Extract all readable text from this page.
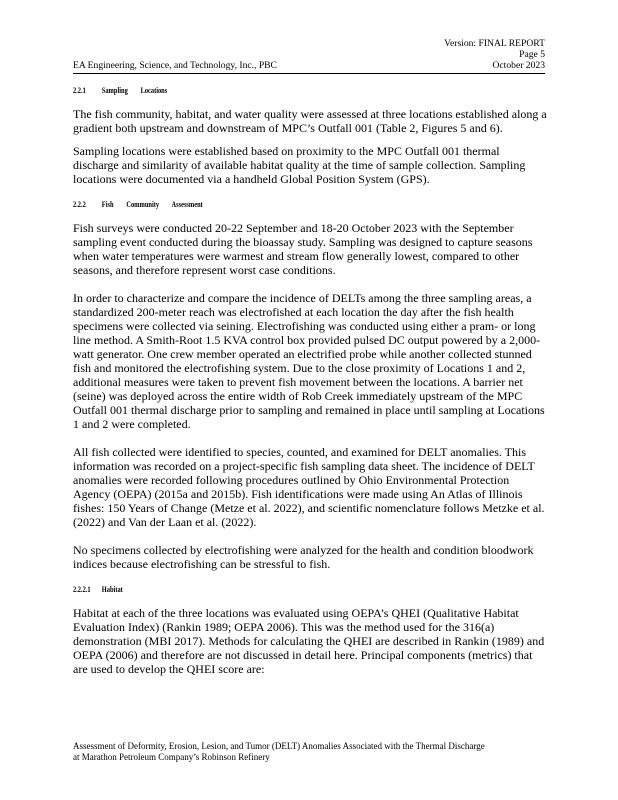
Version: FINAL REPORT
Page 5
October 2023
EA Engineering, Science, and Technology, Inc., PBC
2.2.1 Sampling Locations

The fish community, habitat, and water quality were assessed at three locations established along a gradient both upstream and downstream of MPC’s Outfall 001 (Table 2, Figures 5 and 6).

Sampling locations were established based on proximity to the MPC Outfall 001 thermal discharge and similarity of available habitat quality at the time of sample collection. Sampling locations were documented via a handheld Global Position System (GPS).

2.2.2 Fish Community Assessment

Fish surveys were conducted 20-22 September and 18-20 October 2023 with the September sampling event conducted during the bioassay study. Sampling was designed to capture seasons when water temperatures were warmest and stream flow generally lowest, compared to other seasons, and therefore represent worst case conditions.

In order to characterize and compare the incidence of DELTs among the three sampling areas, a standardized 200-meter reach was electrofished at each location the day after the fish health specimens were collected via seining. Electrofishing was conducted using either a pram- or long line method. A Smith-Root 1.5 KVA control box provided pulsed DC output powered by a 2,000-watt generator. One crew member operated an electrified probe while another collected stunned fish and monitored the electrofishing system. Due to the close proximity of Locations 1 and 2, additional measures were taken to prevent fish movement between the locations. A barrier net (seine) was deployed across the entire width of Rob Creek immediately upstream of the MPC Outfall 001 thermal discharge prior to sampling and remained in place until sampling at Locations 1 and 2 were completed.

All fish collected were identified to species, counted, and examined for DELT anomalies. This information was recorded on a project-specific fish sampling data sheet. The incidence of DELT anomalies were recorded following procedures outlined by Ohio Environmental Protection Agency (OEPA) (2015a and 2015b). Fish identifications were made using An Atlas of Illinois fishes: 150 Years of Change (Metze et al. 2022), and scientific nomenclature follows Metzke et al. (2022) and Van der Laan et al. (2022).

No specimens collected by electrofishing were analyzed for the health and condition bloodwork indices because electrofishing can be stressful to fish.

2.2.2.1 Habitat

Habitat at each of the three locations was evaluated using OEPA’s QHEI (Qualitative Habitat Evaluation Index) (Rankin 1989; OEPA 2006). This was the method used for the 316(a) demonstration (MBI 2017). Methods for calculating the QHEI are described in Rankin (1989) and OEPA (2006) and therefore are not discussed in detail here. Principal components (metrics) that are used to develop the QHEI score are:

Assessment of Deformity, Erosion, Lesion, and Tumor (DELT) Anomalies Associated with the Thermal Discharge
at Marathon Petroleum Company’s Robinson Refinery
